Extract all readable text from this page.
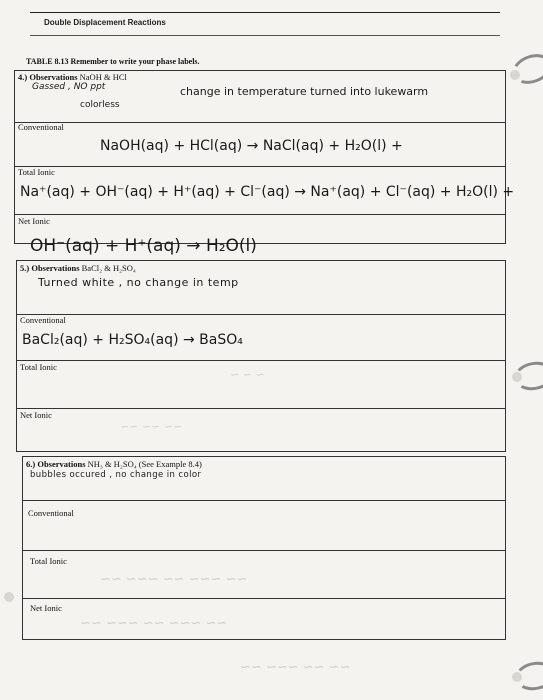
Double Displacement Reactions
TABLE 8.13 Remember to write your phase labels.
4.) Observations NaOH & HCl
Gassed , NO ppt	change in temperature turned into lukewarm
colorless
Conventional
NaOH(aq) + HCl(aq) → NaCl(aq) + H₂O(l) +
Total Ionic
Na⁺(aq) + OH⁻(aq) + H⁺(aq) + Cl⁻(aq) → Na⁺(aq) + Cl⁻(aq) + H₂O(l) +
Net Ionic
OH⁻(aq) + H⁺(aq) → H₂O(l)
5.) Observations BaCl₂ & H₂SO₄
Turned white , no change in temp
Conventional
BaCl₂(aq) + H₂SO₄(aq) → BaSO₄
Total Ionic
Net Ionic
6.) Observations NH₃ & H₂SO₄ (See Example 8.4)
bubbles occured , no change in color
Conventional
Total Ionic
Net Ionic
~ ~ ~
~~ ~~ ~~
~~ ~~~ ~~ ~~~ ~~
~~ ~~~ ~~ ~~~ ~~
~~ ~~ ~~~ ~~
